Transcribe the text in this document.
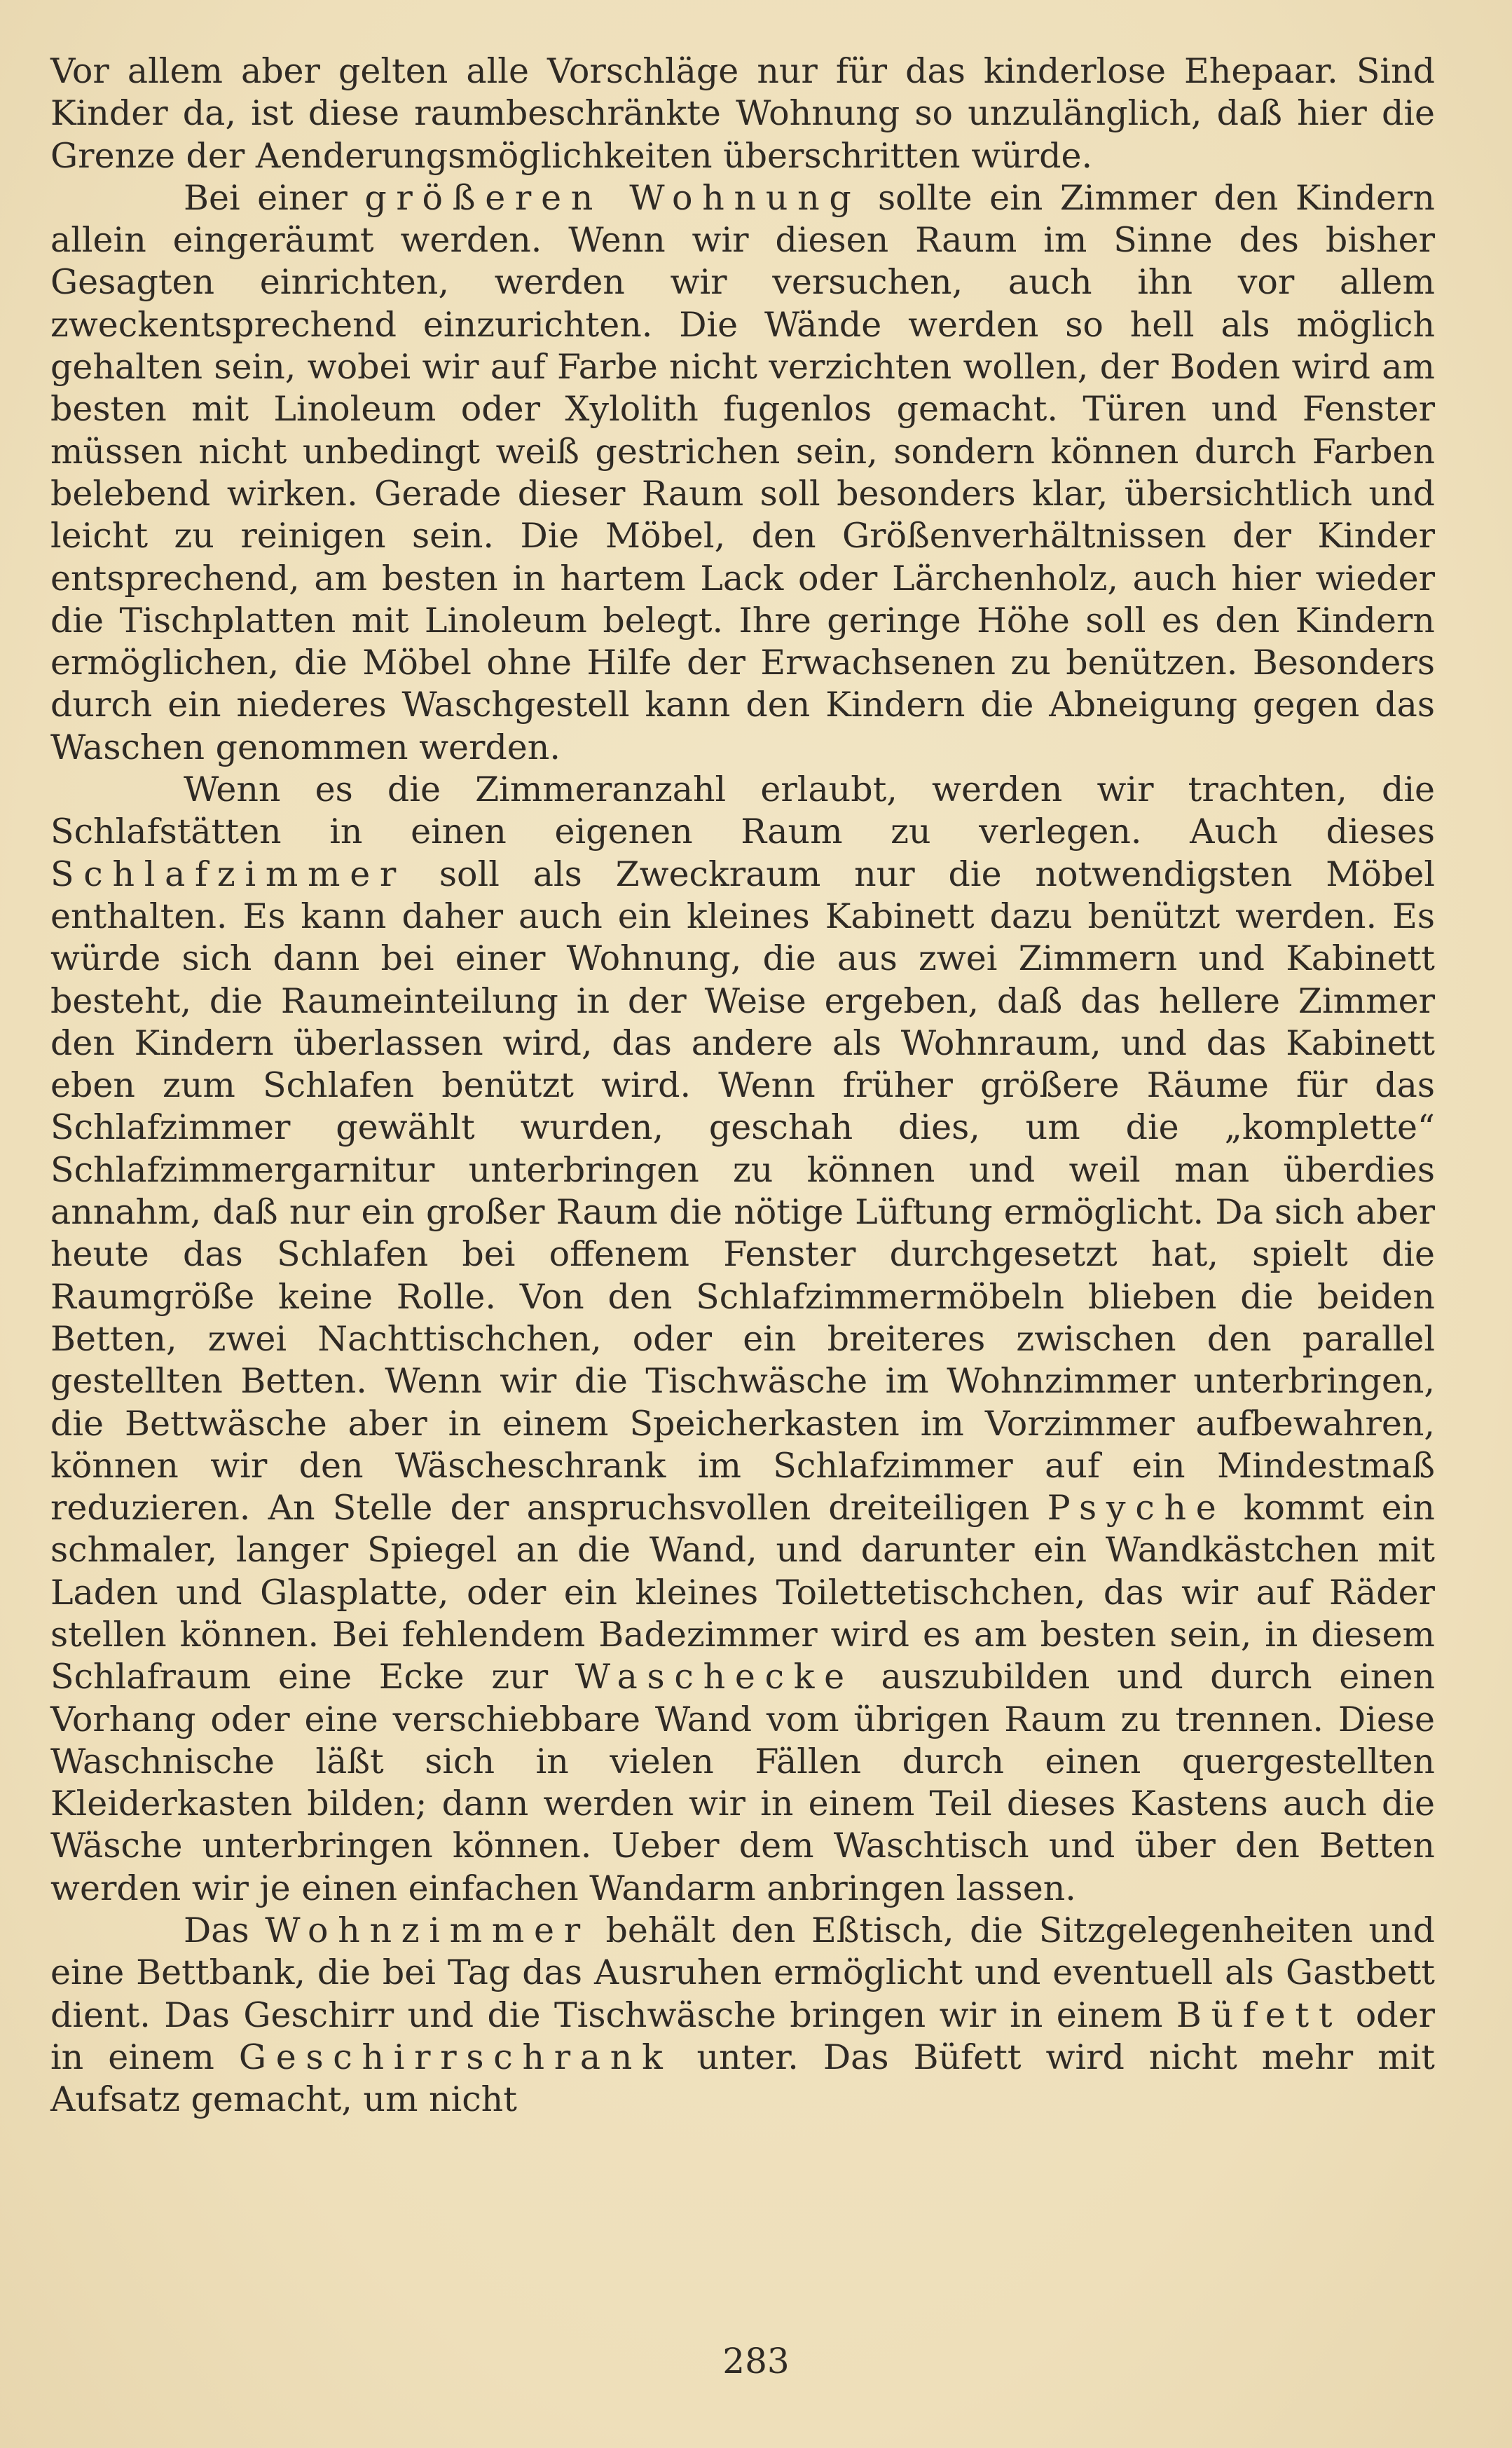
Vor allem aber gelten alle Vorschläge nur für das kinderlose Ehepaar. Sind Kinder da, ist diese raumbeschränkte Wohnung so unzulänglich, daß hier die Grenze der Aenderungsmöglichkeiten überschritten würde.

Bei einer größeren Wohnung sollte ein Zimmer den Kindern allein eingeräumt werden. Wenn wir diesen Raum im Sinne des bisher Gesagten einrichten, werden wir versuchen, auch ihn vor allem zweckentsprechend einzurichten. Die Wände werden so hell als möglich gehalten sein, wobei wir auf Farbe nicht verzichten wollen, der Boden wird am besten mit Linoleum oder Xylolith fugenlos gemacht. Türen und Fenster müssen nicht unbedingt weiß gestrichen sein, sondern können durch Farben belebend wirken. Gerade dieser Raum soll besonders klar, übersichtlich und leicht zu reinigen sein. Die Möbel, den Größenverhältnissen der Kinder entsprechend, am besten in hartem Lack oder Lärchenholz, auch hier wieder die Tischplatten mit Linoleum belegt. Ihre geringe Höhe soll es den Kindern ermöglichen, die Möbel ohne Hilfe der Erwachsenen zu benützen. Besonders durch ein niederes Waschgestell kann den Kindern die Abneigung gegen das Waschen genommen werden.

Wenn es die Zimmeranzahl erlaubt, werden wir trachten, die Schlafstätten in einen eigenen Raum zu verlegen. Auch dieses Schlafzimmer soll als Zweckraum nur die notwendigsten Möbel enthalten. Es kann daher auch ein kleines Kabinett dazu benützt werden. Es würde sich dann bei einer Wohnung, die aus zwei Zimmern und Kabinett besteht, die Raumeinteilung in der Weise ergeben, daß das hellere Zimmer den Kindern überlassen wird, das andere als Wohnraum, und das Kabinett eben zum Schlafen benützt wird. Wenn früher größere Räume für das Schlafzimmer gewählt wurden, geschah dies, um die „komplette“ Schlafzimmergarnitur unterbringen zu können und weil man überdies annahm, daß nur ein großer Raum die nötige Lüftung ermöglicht. Da sich aber heute das Schlafen bei offenem Fenster durchgesetzt hat, spielt die Raumgröße keine Rolle. Von den Schlafzimmermöbeln blieben die beiden Betten, zwei Nachttischchen, oder ein breiteres zwischen den parallel gestellten Betten. Wenn wir die Tischwäsche im Wohnzimmer unterbringen, die Bettwäsche aber in einem Speicherkasten im Vorzimmer aufbewahren, können wir den Wäscheschrank im Schlafzimmer auf ein Mindestmaß reduzieren. An Stelle der anspruchsvollen dreiteiligen Psyche kommt ein schmaler, langer Spiegel an die Wand, und darunter ein Wandkästchen mit Laden und Glasplatte, oder ein kleines Toilettetischchen, das wir auf Räder stellen können. Bei fehlendem Badezimmer wird es am besten sein, in diesem Schlafraum eine Ecke zur Waschecke auszubilden und durch einen Vorhang oder eine verschiebbare Wand vom übrigen Raum zu trennen. Diese Waschnische läßt sich in vielen Fällen durch einen quergestellten Kleiderkasten bilden; dann werden wir in einem Teil dieses Kastens auch die Wäsche unterbringen können. Ueber dem Waschtisch und über den Betten werden wir je einen einfachen Wandarm anbringen lassen.

Das Wohnzimmer behält den Eßtisch, die Sitzgelegenheiten und eine Bettbank, die bei Tag das Ausruhen ermöglicht und eventuell als Gastbett dient. Das Geschirr und die Tischwäsche bringen wir in einem Büfett oder in einem Geschirrschrank unter. Das Büfett wird nicht mehr mit Aufsatz gemacht, um nicht

283
